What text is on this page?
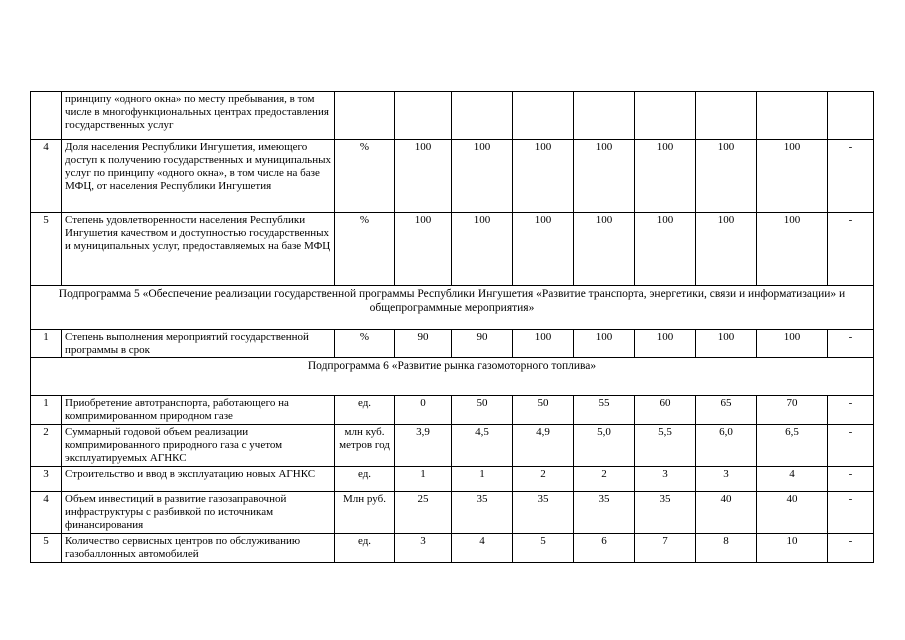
	принципу «одного окна» по месту пребывания, в том числе в многофункциональных центрах предоставления государственных услуг									
4	Доля населения Республики Ингушетия, имеющего доступ к получению государственных и муниципальных услуг по принципу «одного окна», в том числе на базе МФЦ, от населения Республики Ингушетия	%	100	100	100	100	100	100	100	-
5	Степень удовлетворенности населения Республики Ингушетия качеством и доступностью государственных и муниципальных услуг, предоставляемых на базе МФЦ	%	100	100	100	100	100	100	100	-
Подпрограмма 5 «Обеспечение реализации государственной программы Республики Ингушетия «Развитие транспорта, энергетики, связи и информатизации» и общепрограммные мероприятия»										
1	Степень выполнения мероприятий государственной программы в срок	%	90	90	100	100	100	100	100	-
Подпрограмма 6 «Развитие рынка газомоторного топлива»										
1	Приобретение автотранспорта, работающего на компримированном природном газе	ед.	0	50	50	55	60	65	70	-
2	Суммарный годовой объем реализации компримированного природного газа с учетом эксплуатируемых АГНКС	млн куб. метров год	3,9	4,5	4,9	5,0	5,5	6,0	6,5	-
3	Строительство и ввод в эксплуатацию новых АГНКС	ед.	1	1	2	2	3	3	4	-
4	Объем инвестиций в развитие газозаправочной инфраструктуры с разбивкой по источникам финансирования	Млн руб.	25	35	35	35	35	40	40	-
5	Количество сервисных центров по обслуживанию газобаллонных автомобилей	ед.	3	4	5	6	7	8	10	-
